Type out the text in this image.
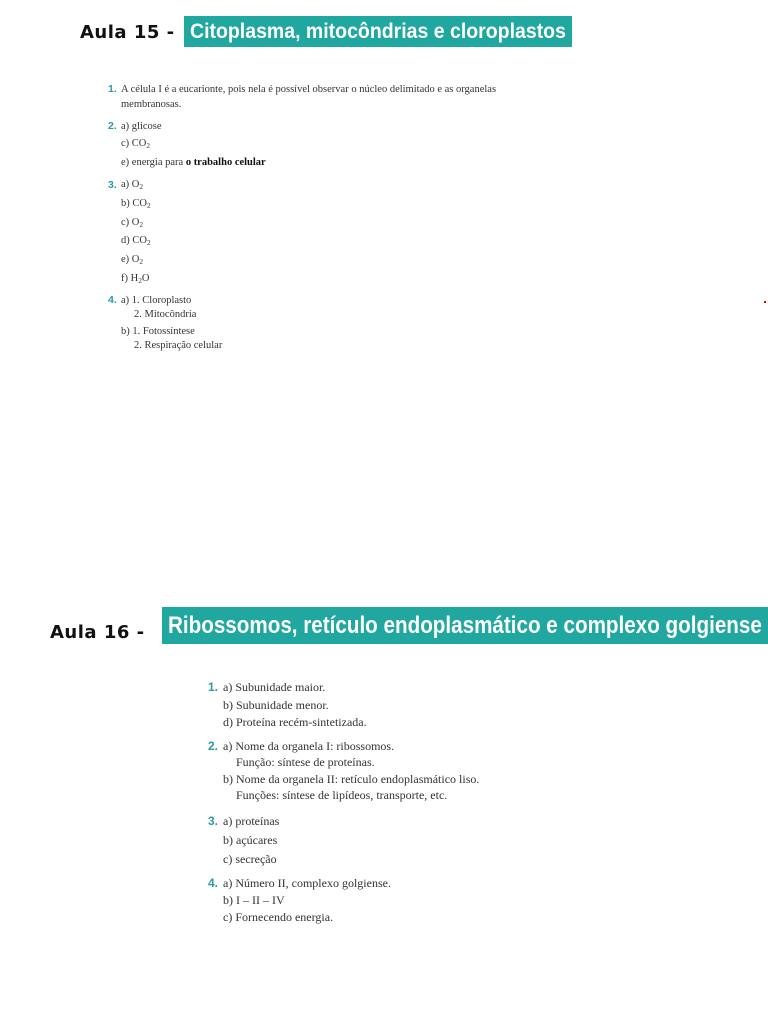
Aula 15 - Citoplasma, mitocôndrias e cloroplastos
1. A célula I é a eucarionte, pois nela é possível observar o núcleo delimitado e as organelas
membranosas.
2. a) glicose
c) $CO_2$
e) energia para o trabalho celular
3. a) $O_2$
b) $CO_2$
c) $O_2$
d) $CO_2$
e) $O_2$
f) $H_2O$
4. a) 1. Cloroplasto
2. Mitocôndria
b) 1. Fotossíntese
2. Respiração celular
Aula 16 - Ribossomos, retículo endoplasmático e complexo golgiense
1. a) Subunidade maior.
b) Subunidade menor.
d) Proteína recém-sintetizada.
2. a) Nome da organela I: ribossomos.
Função: síntese de proteínas.
b) Nome da organela II: retículo endoplasmático liso.
Funções: síntese de lipídeos, transporte, etc.
3. a) proteínas
b) açúcares
c) secreção
4. a) Número II, complexo golgiense.
b) I – II – IV
c) Fornecendo energia.
